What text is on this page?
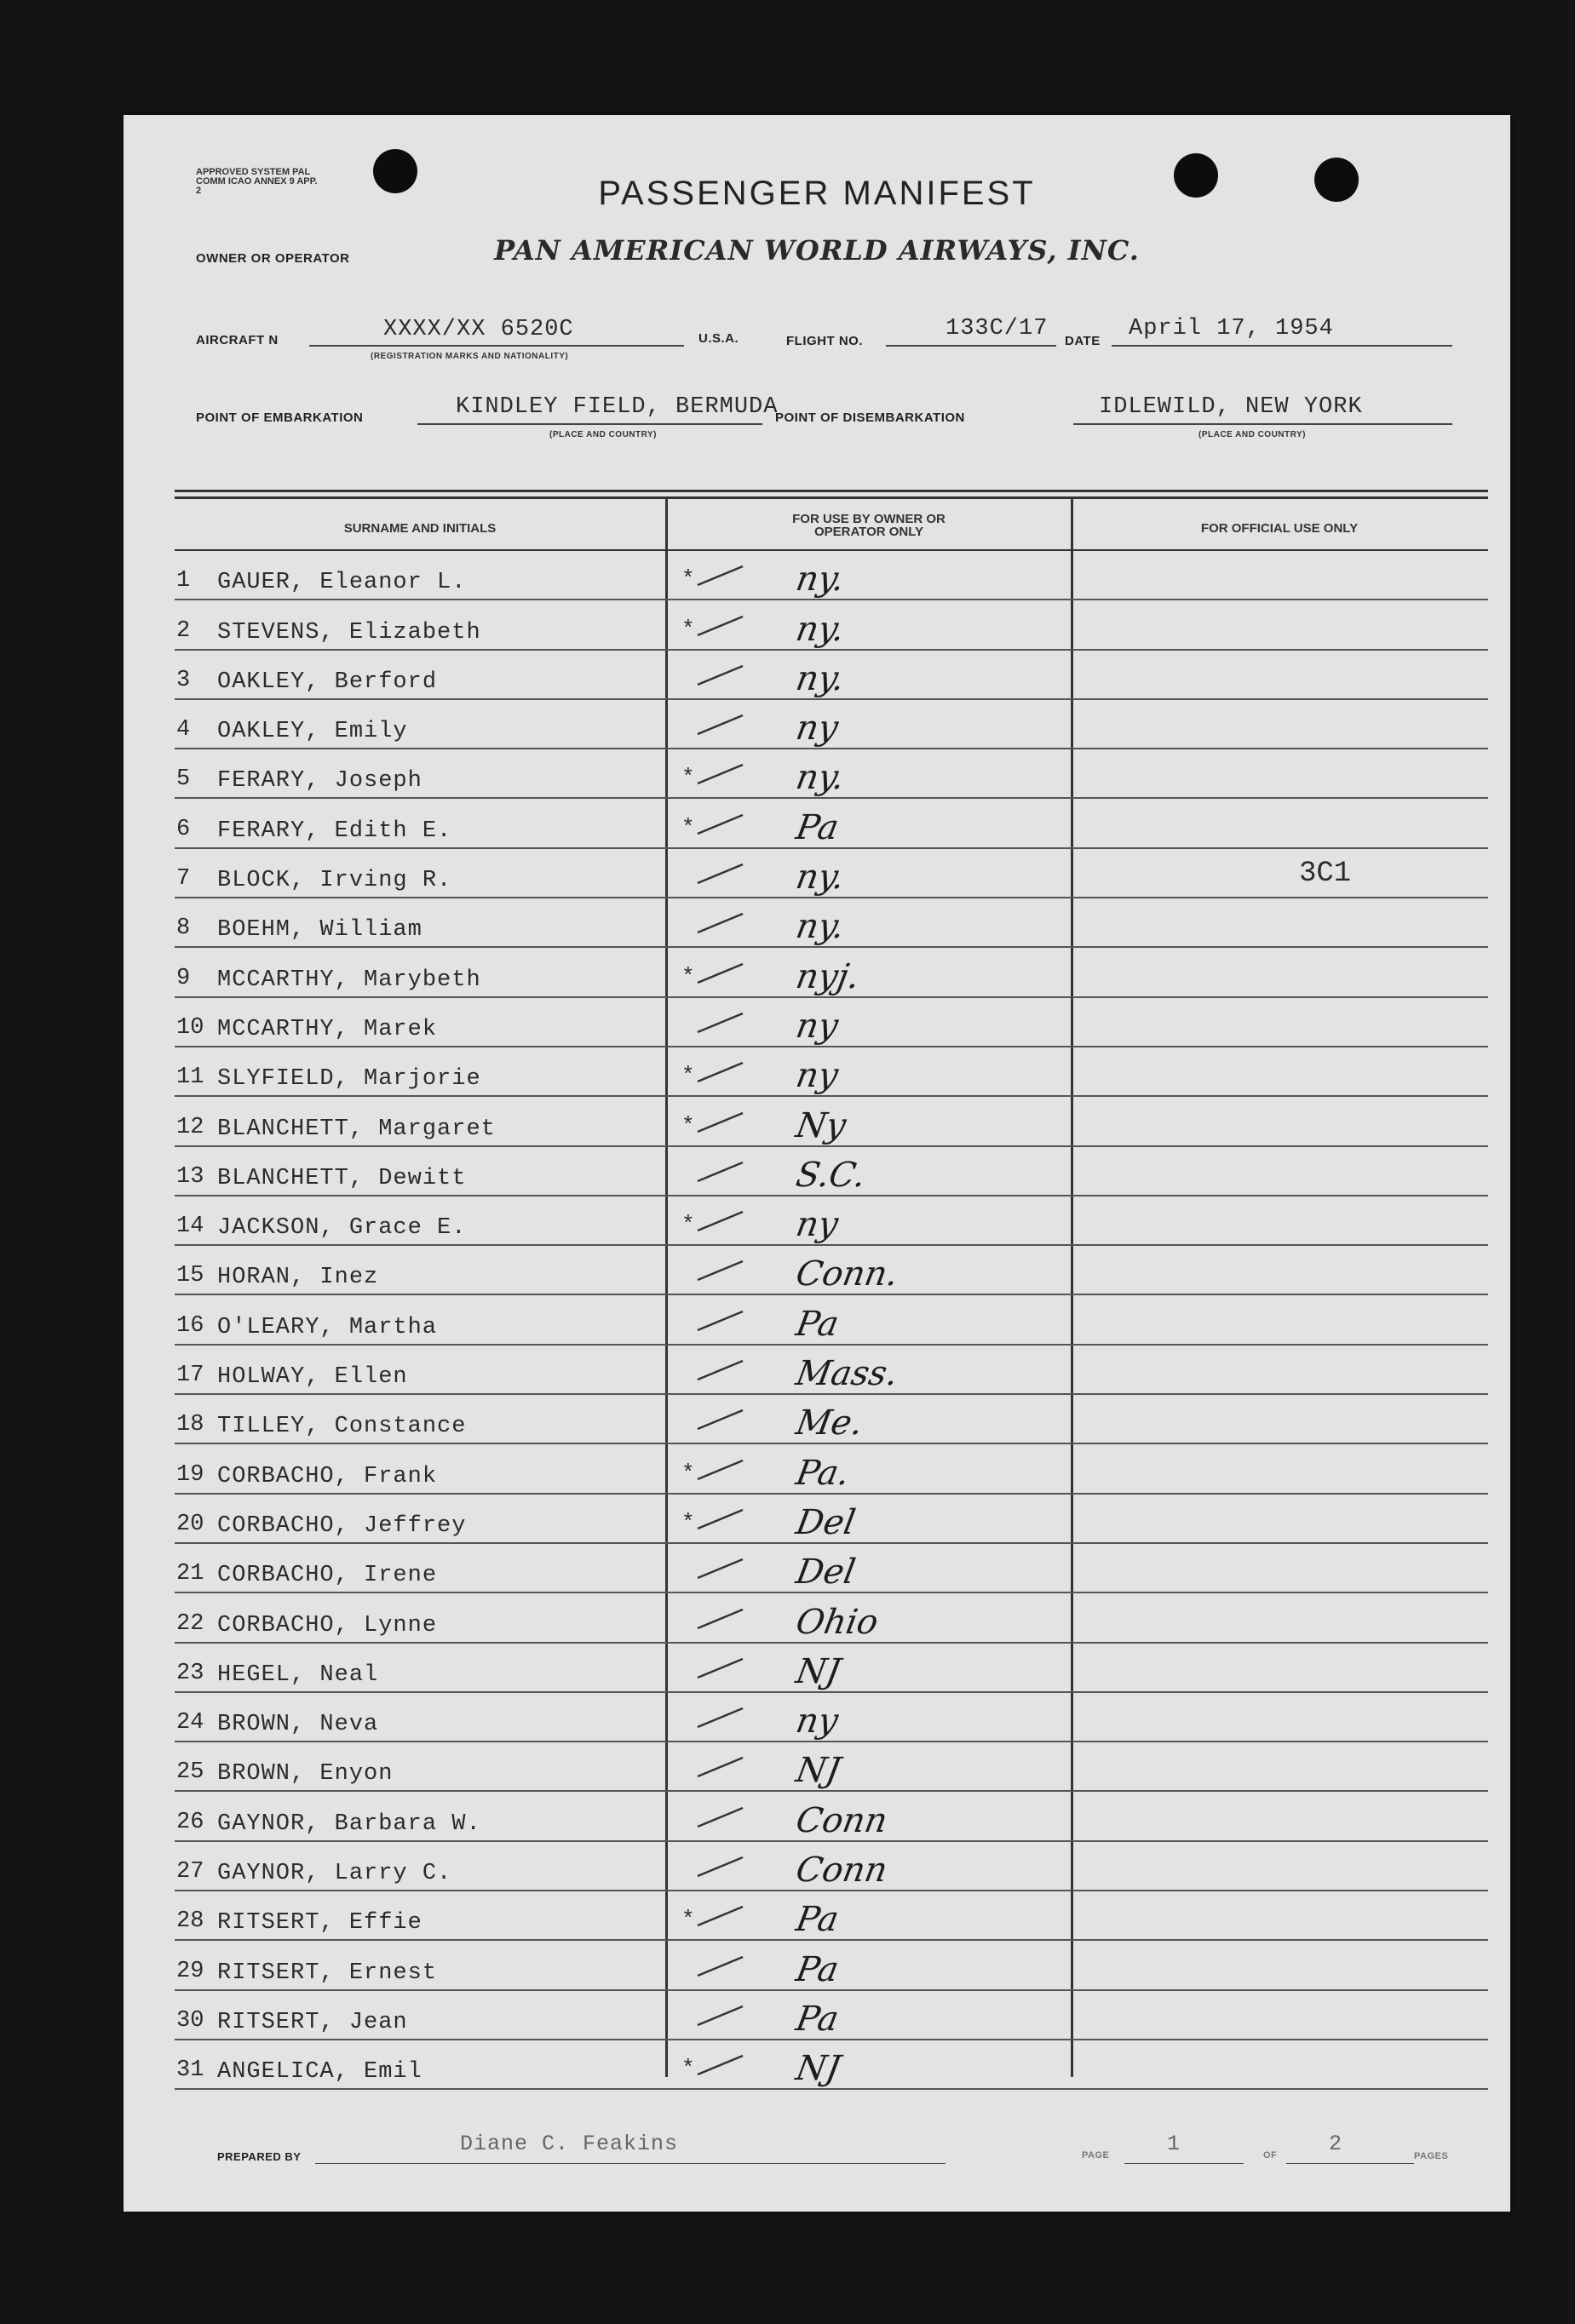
APPROVED SYSTEM PAL COMM ICAO ANNEX 9 APP. 2	PASSENGER MANIFEST
OWNER OR OPERATOR	PAN AMERICAN WORLD AIRWAYS, INC.
AIRCRAFT N	XXXX/XX 6520C
(REGISTRATION MARKS AND NATIONALITY)
U.S.A.	FLIGHT NO.	133C/17 DATE April 17, 1954
POINT OF EMBARKATION	KINDLEY FIELD, BERMUDA
(PLACE AND COUNTRY)
POINT OF DISEMBARKATION	IDLEWILD, NEW YORK
(PLACE AND COUNTRY)
SURNAME AND INITIALS
FOR USE BY OWNER OR OPERATOR ONLY	FOR OFFICIAL USE ONLY
1 GAUER, Eleanor L.	*	ny.
2 STEVENS, Elizabeth	*	ny.
3 OAKLEY, Berford	ny.
4 OAKLEY, Emily	ny
5 FERARY, Joseph	*	ny.
6 FERARY, Edith E.	*	Pa
7 BLOCK, Irving R.	ny.	3C1
8 BOEHM, William	ny.
9 MCCARTHY, Marybeth	*	nyj.
10 MCCARTHY, Marek	ny
11 SLYFIELD, Marjorie	*	ny
12 BLANCHETT, Margaret	*	Ny
13 BLANCHETT, Dewitt	S.C.
14 JACKSON, Grace E.	*	ny
15 HORAN, Inez	Conn.
16 O'LEARY, Martha	Pa
17 HOLWAY, Ellen	Mass.
18 TILLEY, Constance	Me.
19 CORBACHO, Frank	*	Pa.
20 CORBACHO, Jeffrey	*	Del
21 CORBACHO, Irene	Del
22 CORBACHO, Lynne	Ohio
23 HEGEL, Neal	NJ
24 BROWN, Neva	ny
25 BROWN, Enyon	NJ
26 GAYNOR, Barbara W.	Conn
27 GAYNOR, Larry C.	Conn
28 RITSERT, Effie	*	Pa
29 RITSERT, Ernest	Pa
30 RITSERT, Jean	Pa
31 ANGELICA, Emil	*	NJ
PREPARED BY
Diane C. Feakins	PAGE	1	OF 2	PAGES
